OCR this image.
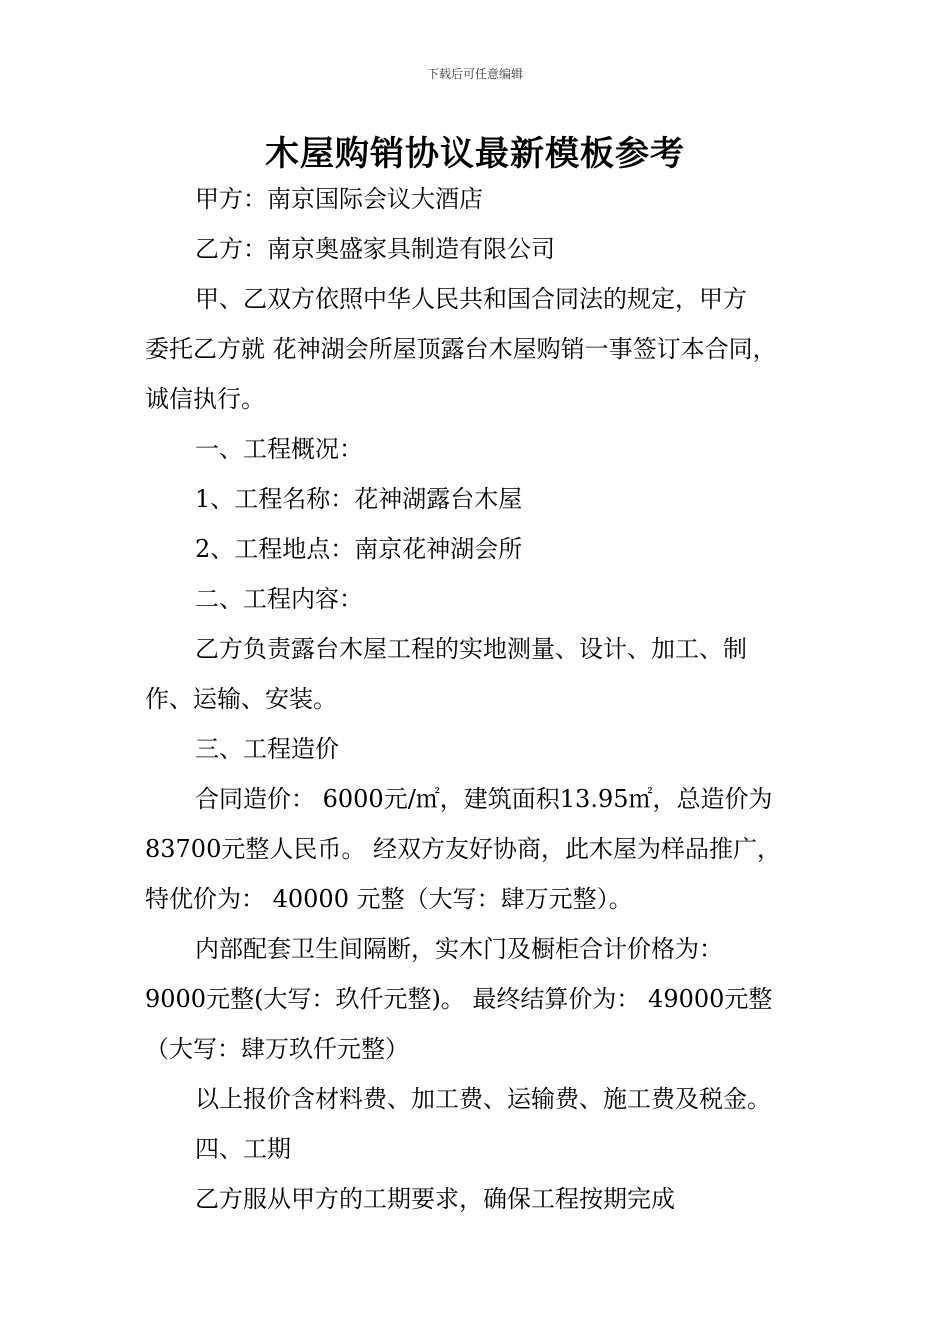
下载后可任意编辑
木屋购销协议最新模板参考
甲方：南京国际会议大酒店
乙方：南京奥盛家具制造有限公司
甲、乙双方依照中华人民共和国合同法的规定，甲方
委托乙方就 花神湖会所屋顶露台木屋购销一事签订本合同，
诚信执行。
一、工程概况：
1、工程名称：花神湖露台木屋
2、工程地点：南京花神湖会所
二、工程内容：
乙方负责露台木屋工程的实地测量、设计、加工、制
作、运输、安装。
三、工程造价
合同造价： 6000元/㎡，建筑面积13.95㎡，总造价为
83700元整人民币。 经双方友好协商，此木屋为样品推广，
特优价为： 40000 元整（大写：肆万元整）。
内部配套卫生间隔断，实木门及橱柜合计价格为：
9000元整(大写：玖仟元整)。 最终结算价为： 49000元整
（大写：肆万玖仟元整）
以上报价含材料费、加工费、运输费、施工费及税金。
四、工期
乙方服从甲方的工期要求，确保工程按期完成
